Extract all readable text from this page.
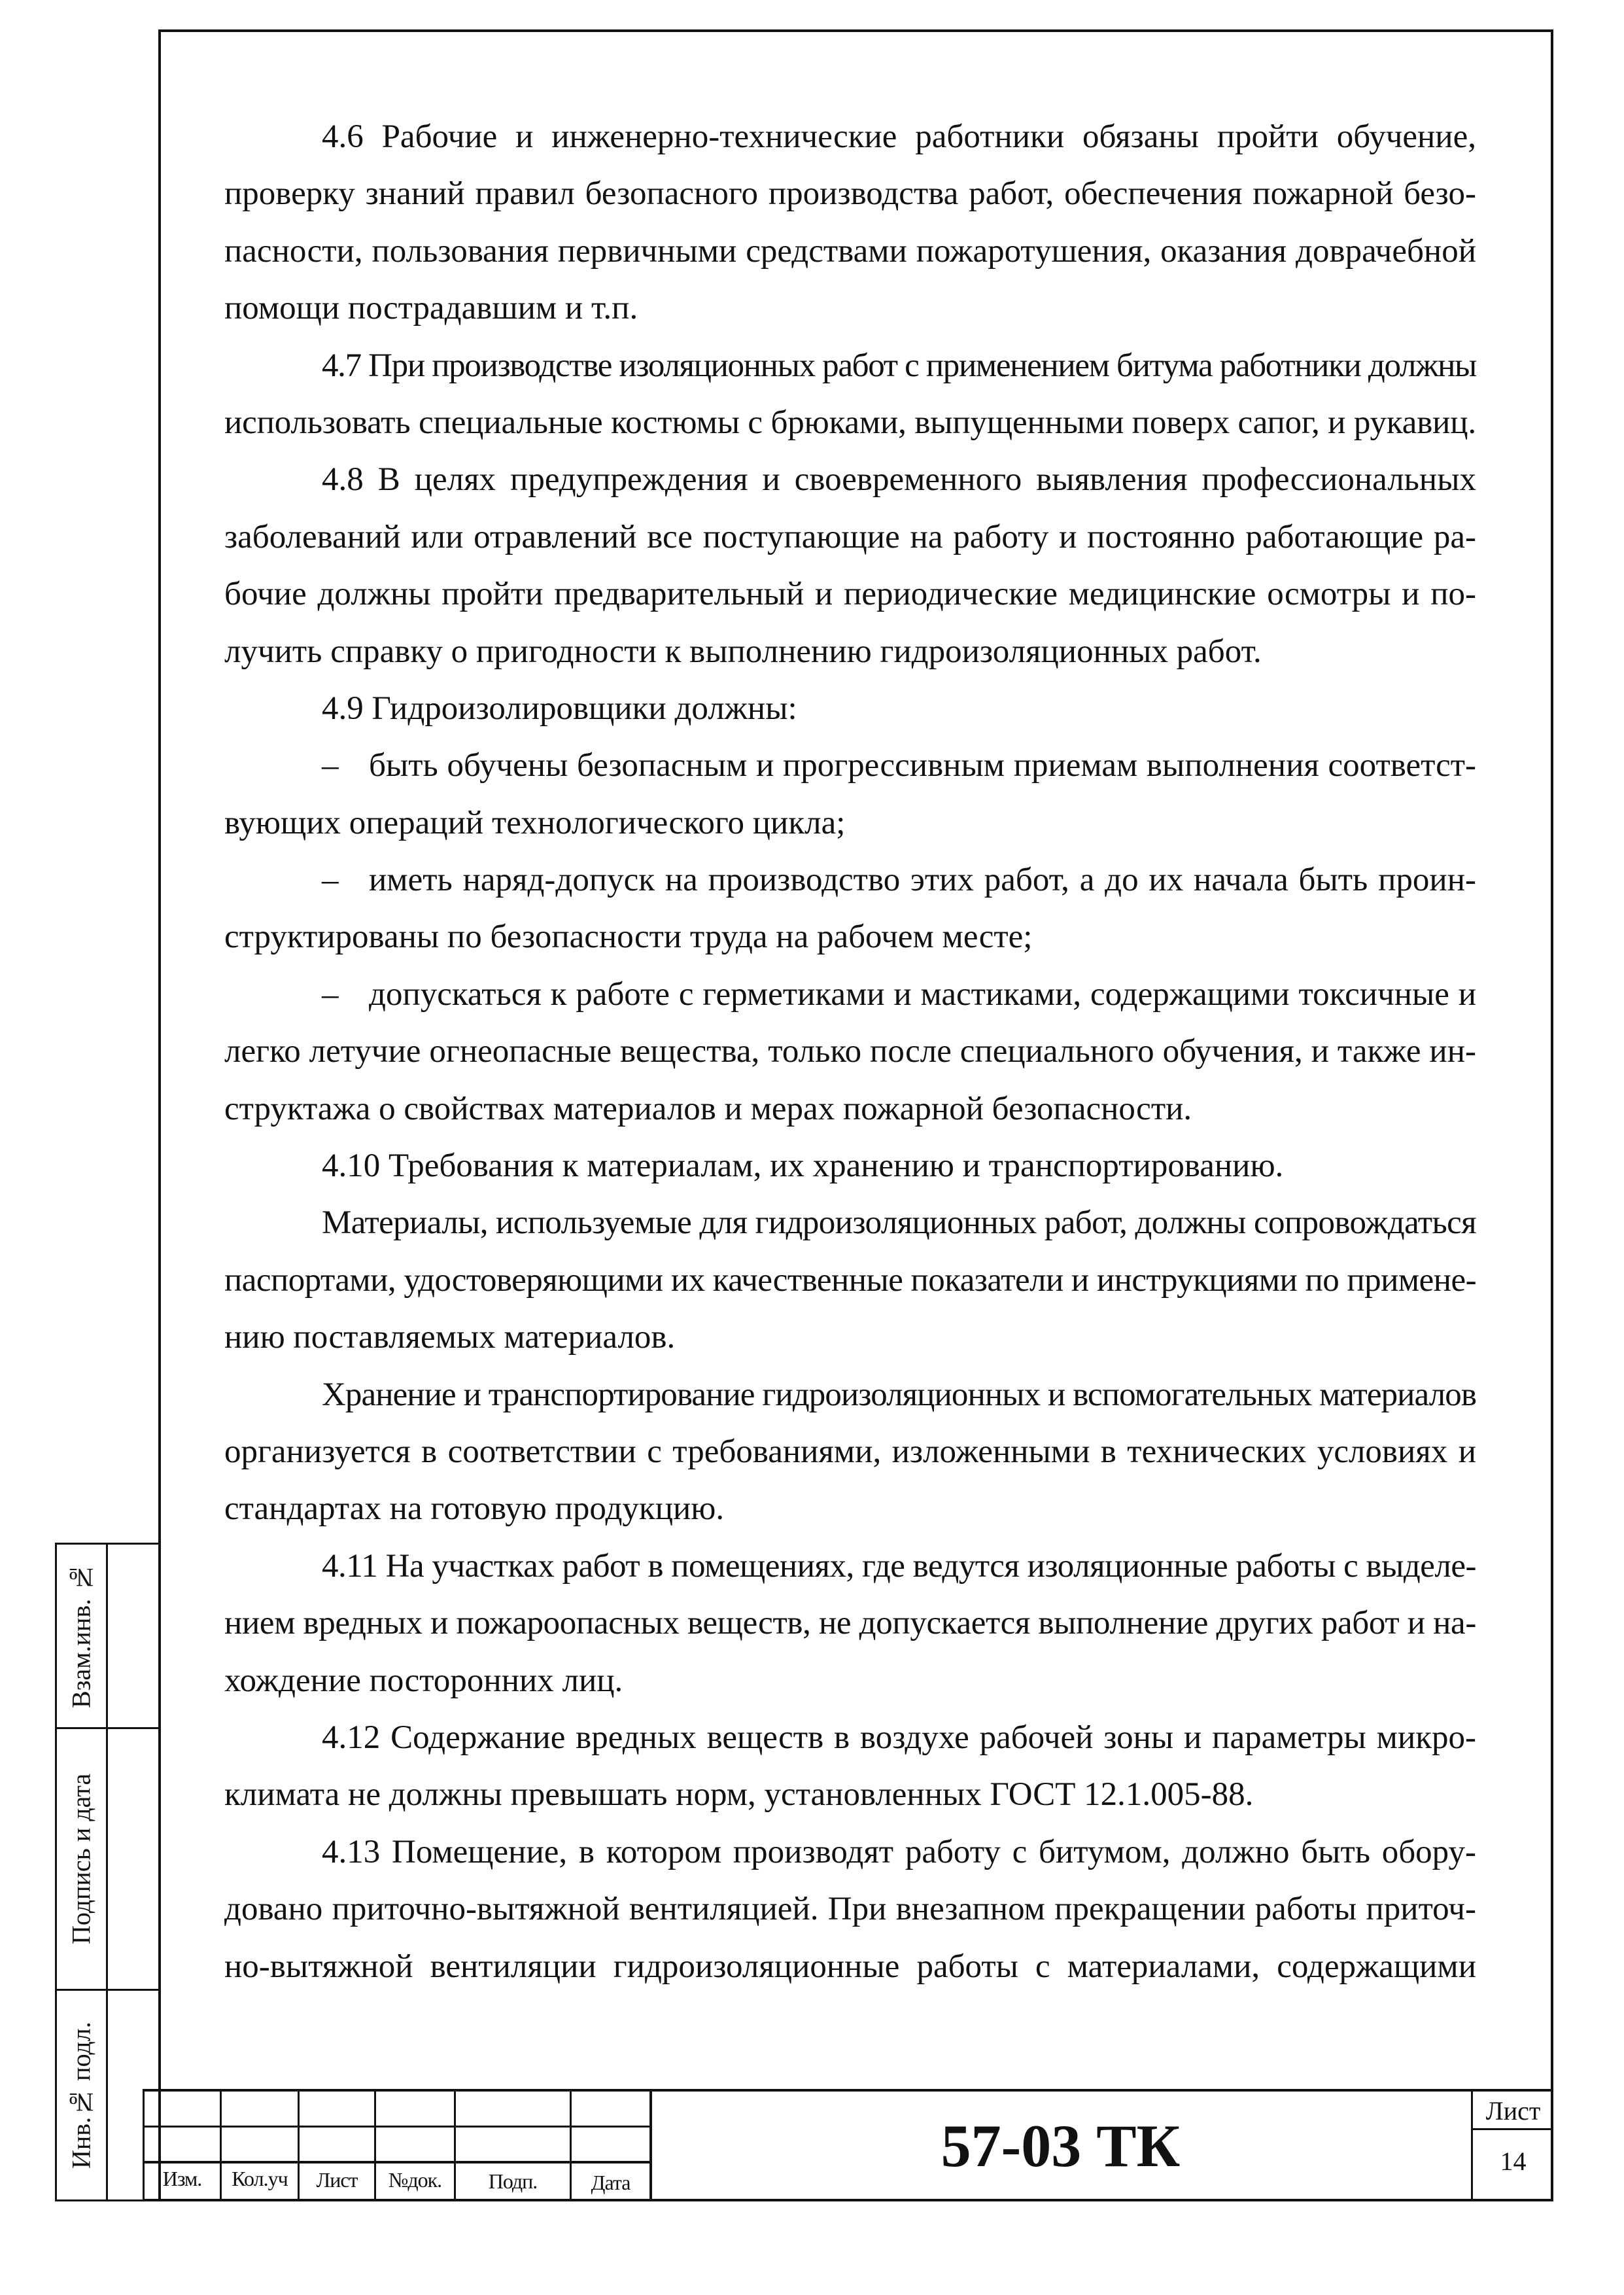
4.6 Рабочие и инженерно-технические работники обязаны пройти обучение,
проверку знаний правил безопасного производства работ, обеспечения пожарной безо-
пасности, пользования первичными средствами пожаротушения, оказания доврачебной
помощи пострадавшим и т.п.
4.7 При производстве изоляционных работ с применением битума работники должны
использовать специальные костюмы с брюками, выпущенными поверх сапог, и рукавиц.
4.8 В целях предупреждения и своевременного выявления профессиональных
заболеваний или отравлений все поступающие на работу и постоянно работающие ра-
бочие должны пройти предварительный и периодические медицинские осмотры и по-
лучить справку о пригодности к выполнению гидроизоляционных работ.
4.9 Гидроизолировщики должны:
– быть обучены безопасным и прогрессивным приемам выполнения соответст-
вующих операций технологического цикла;
– иметь наряд-допуск на производство этих работ, а до их начала быть проин-
структированы по безопасности труда на рабочем месте;
– допускаться к работе с герметиками и мастиками, содержащими токсичные и
легко летучие огнеопасные вещества, только после специального обучения, и также ин-
структажа о свойствах материалов и мерах пожарной безопасности.
4.10 Требования к материалам, их хранению и транспортированию.
Материалы, используемые для гидроизоляционных работ, должны сопровождаться
паспортами, удостоверяющими их качественные показатели и инструкциями по примене-
нию поставляемых материалов.
Хранение и транспортирование гидроизоляционных и вспомогательных материалов
организуется в соответствии с требованиями, изложенными в технических условиях и
стандартах на готовую продукцию.
4.11 На участках работ в помещениях, где ведутся изоляционные работы с выделе-
нием вредных и пожароопасных веществ, не допускается выполнение других работ и на-
хождение посторонних лиц.
4.12 Содержание вредных веществ в воздухе рабочей зоны и параметры микро-
климата не должны превышать норм, установленных ГОСТ 12.1.005-88.
4.13 Помещение, в котором производят работу с битумом, должно быть обору-
довано приточно-вытяжной вентиляцией. При внезапном прекращении работы приточ-
но-вытяжной вентиляции гидроизоляционные работы с материалами, содержащими
Взам.инв. №
Подпись и дата
Инв.№ подл.
Изм.	Кол.уч	Лист	№док.	Подп.	Дата
57-03 ТК
Лист
14
